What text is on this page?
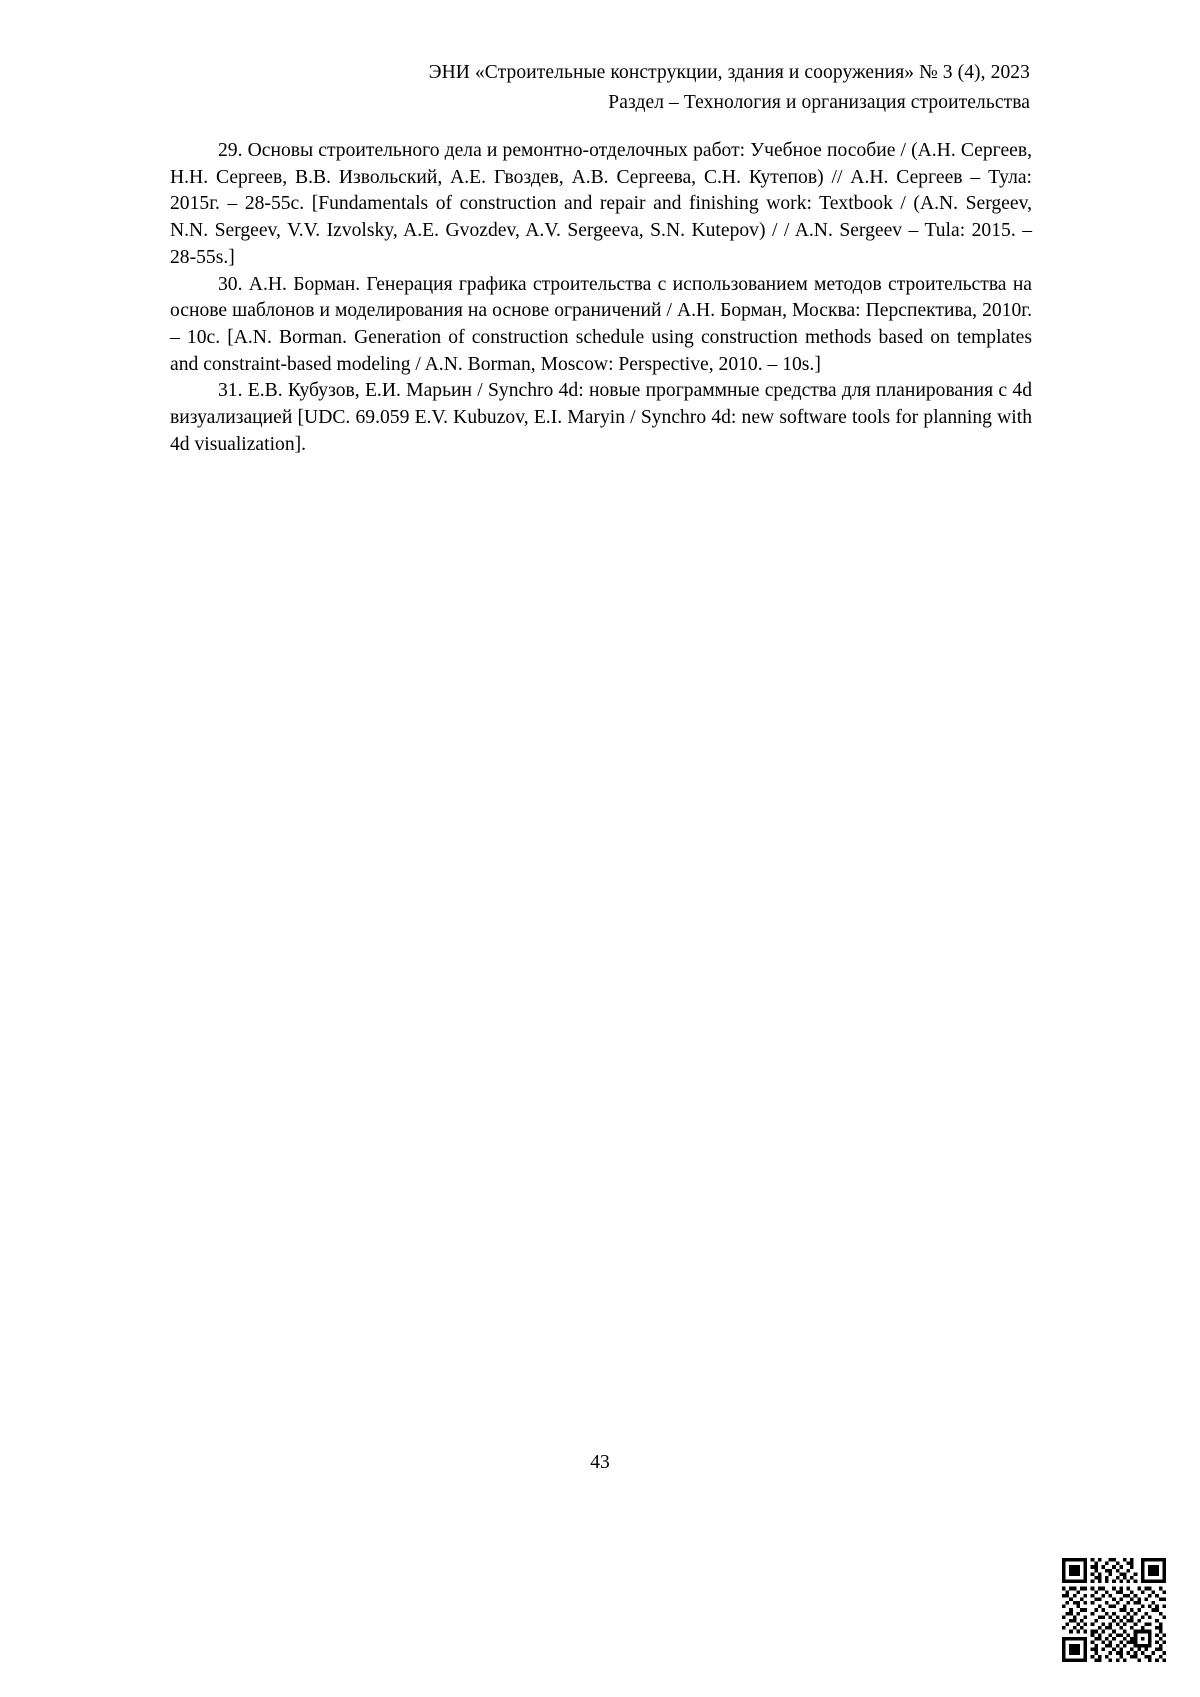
ЭНИ «Строительные конструкции, здания и сооружения» № 3 (4), 2023
Раздел – Технология и организация строительства

29. Основы строительного дела и ремонтно-отделочных работ: Учебное пособие / (А.Н. Сергеев, Н.Н. Сергеев, В.В. Извольский, А.Е. Гвоздев, А.В. Сергеева, С.Н. Кутепов) // А.Н. Сергеев – Тула: 2015г. – 28-55с. [Fundamentals of construction and repair and finishing work: Textbook / (A.N. Sergeev, N.N. Sergeev, V.V. Izvolsky, A.E. Gvozdev, A.V. Sergeeva, S.N. Kutepov) / / A.N. Sergeev – Tula: 2015. – 28-55s.]

30. А.Н. Борман. Генерация графика строительства с использованием методов строительства на основе шаблонов и моделирования на основе ограничений / А.Н. Борман, Москва: Перспектива, 2010г. – 10с. [A.N. Borman. Generation of construction schedule using construction methods based on templates and constraint-based modeling / A.N. Borman, Moscow: Perspective, 2010. – 10s.]

31. Е.В. Кубузов, Е.И. Марьин / Synchro 4d: новые программные средства для планирования с 4d визуализацией [UDC. 69.059 E.V. Kubuzov, E.I. Maryin / Synchro 4d: new software tools for planning with 4d visualization].

43
